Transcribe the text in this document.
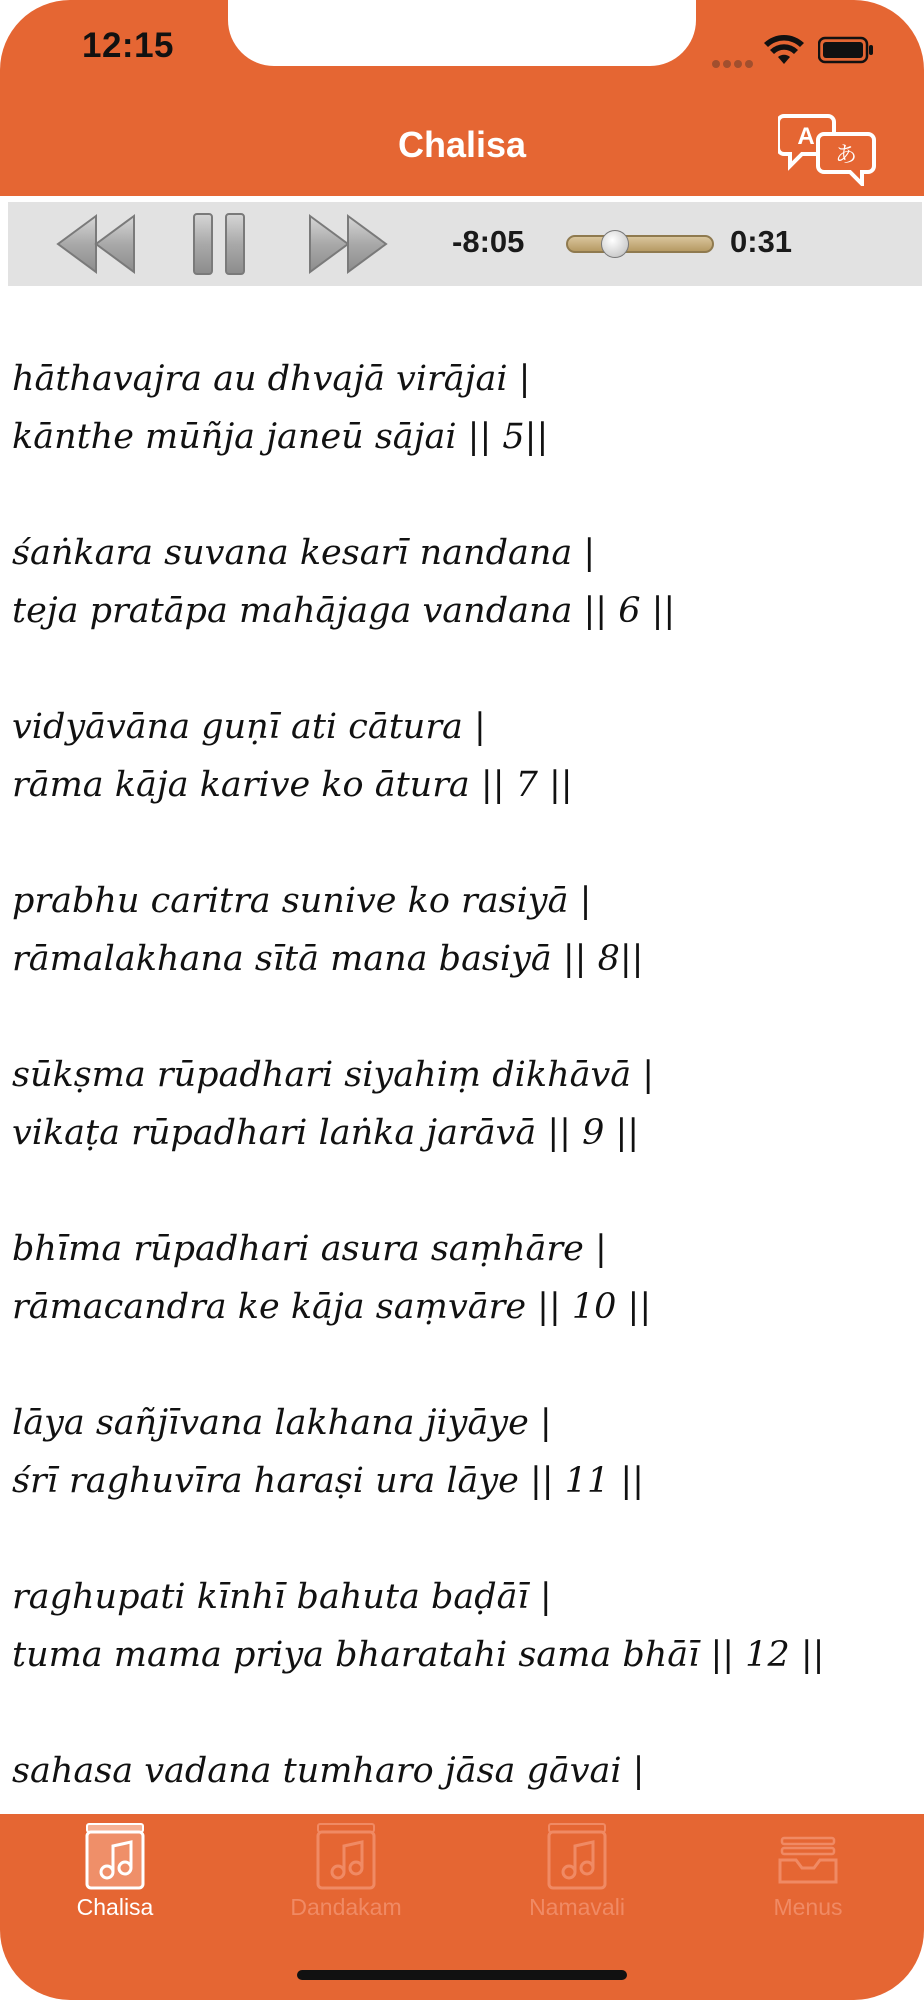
12:15
Chalisa	A
あ
-8:05	0:31
hāthavajra au dhvajā virājai |
kānthe mūñja janeū sājai || 5||
śaṅkara suvana kesarī nandana |
teja pratāpa mahājaga vandana || 6 ||
vidyāvāna guṇī ati cātura |
rāma kāja karive ko ātura || 7 ||
prabhu caritra sunive ko rasiyā |
rāmalakhana sītā mana basiyā || 8||
sūkṣma rūpadhari siyahiṃ dikhāvā |
vikaṭa rūpadhari laṅka jarāvā || 9 ||
bhīma rūpadhari asura saṃhāre |
rāmacandra ke kāja saṃvāre || 10 ||
lāya sañjīvana lakhana jiyāye |
śrī raghuvīra haraṣi ura lāye || 11 ||
raghupati kīnhī bahuta baḍāī |
tuma mama priya bharatahi sama bhāī || 12 ||
sahasa vadana tumharo jāsa gāvai |
Chalisa	Dandakam	Namavali	Menus
